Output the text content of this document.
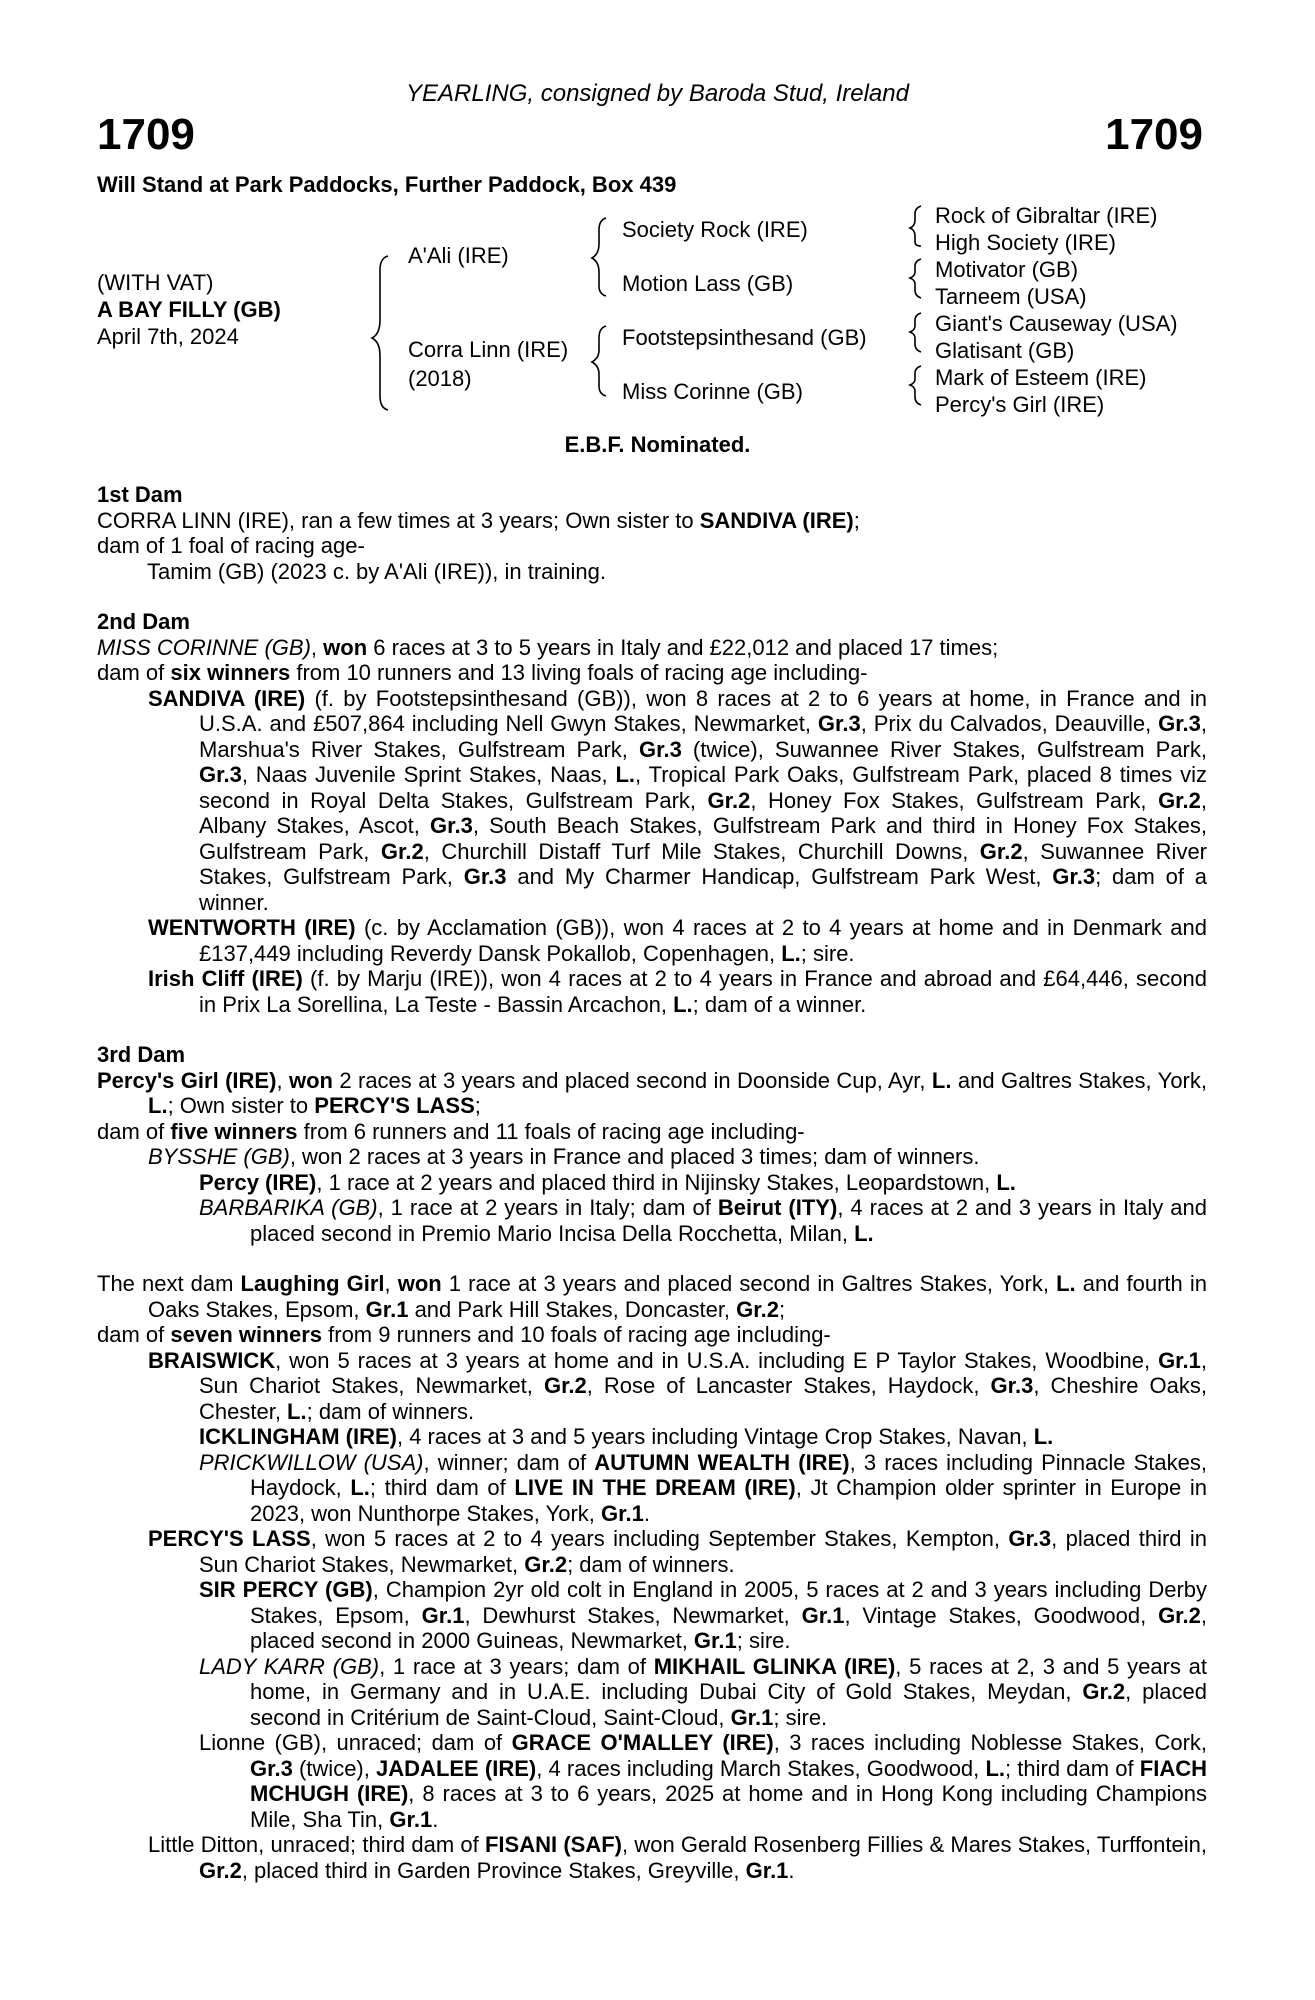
YEARLING, consigned by Baroda Stud, Ireland
1709	1709
Will Stand at Park Paddocks, Further Paddock, Box 439
(WITH VAT)
A BAY FILLY (GB)
April 7th, 2024
A'Ali (IRE)
Corra Linn (IRE)
(2018)
Society Rock (IRE)
Motion Lass (GB)
Footstepsinthesand (GB)
Miss Corinne (GB)
Rock of Gibraltar (IRE)
High Society (IRE)
Motivator (GB)
Tarneem (USA)
Giant's Causeway (USA)
Glatisant (GB)
Mark of Esteem (IRE)
Percy's Girl (IRE)
E.B.F. Nominated.

1st Dam

CORRA LINN (IRE), ran a few times at 3 years; Own sister to SANDIVA (IRE);

dam of 1 foal of racing age-

Tamim (GB) (2023 c. by A'Ali (IRE)), in training.

2nd Dam

MISS CORINNE (GB), won 6 races at 3 to 5 years in Italy and £22,012 and placed 17 times;

dam of six winners from 10 runners and 13 living foals of racing age including-

SANDIVA (IRE) (f. by Footstepsinthesand (GB)), won 8 races at 2 to 6 years at home, in France and in U.S.A. and £507,864 including Nell Gwyn Stakes, Newmarket, Gr.3, Prix du Calvados, Deauville, Gr.3, Marshua's River Stakes, Gulfstream Park, Gr.3 (twice), Suwannee River Stakes, Gulfstream Park, Gr.3, Naas Juvenile Sprint Stakes, Naas, L., Tropical Park Oaks, Gulfstream Park, placed 8 times viz second in Royal Delta Stakes, Gulfstream Park, Gr.2, Honey Fox Stakes, Gulfstream Park, Gr.2, Albany Stakes, Ascot, Gr.3, South Beach Stakes, Gulfstream Park and third in Honey Fox Stakes, Gulfstream Park, Gr.2, Churchill Distaff Turf Mile Stakes, Churchill Downs, Gr.2, Suwannee River Stakes, Gulfstream Park, Gr.3 and My Charmer Handicap, Gulfstream Park West, Gr.3; dam of a winner.

WENTWORTH (IRE) (c. by Acclamation (GB)), won 4 races at 2 to 4 years at home and in Denmark and £137,449 including Reverdy Dansk Pokallob, Copenhagen, L.; sire.

Irish Cliff (IRE) (f. by Marju (IRE)), won 4 races at 2 to 4 years in France and abroad and £64,446, second in Prix La Sorellina, La Teste - Bassin Arcachon, L.; dam of a winner.

3rd Dam

Percy's Girl (IRE), won 2 races at 3 years and placed second in Doonside Cup, Ayr, L. and Galtres Stakes, York, L.; Own sister to PERCY'S LASS;

dam of five winners from 6 runners and 11 foals of racing age including-

BYSSHE (GB), won 2 races at 3 years in France and placed 3 times; dam of winners.

Percy (IRE), 1 race at 2 years and placed third in Nijinsky Stakes, Leopardstown, L.

BARBARIKA (GB), 1 race at 2 years in Italy; dam of Beirut (ITY), 4 races at 2 and 3 years in Italy and placed second in Premio Mario Incisa Della Rocchetta, Milan, L.

The next dam Laughing Girl, won 1 race at 3 years and placed second in Galtres Stakes, York, L. and fourth in Oaks Stakes, Epsom, Gr.1 and Park Hill Stakes, Doncaster, Gr.2;

dam of seven winners from 9 runners and 10 foals of racing age including-

BRAISWICK, won 5 races at 3 years at home and in U.S.A. including E P Taylor Stakes, Woodbine, Gr.1, Sun Chariot Stakes, Newmarket, Gr.2, Rose of Lancaster Stakes, Haydock, Gr.3, Cheshire Oaks, Chester, L.; dam of winners.

ICKLINGHAM (IRE), 4 races at 3 and 5 years including Vintage Crop Stakes, Navan, L.

PRICKWILLOW (USA), winner; dam of AUTUMN WEALTH (IRE), 3 races including Pinnacle Stakes, Haydock, L.; third dam of LIVE IN THE DREAM (IRE), Jt Champion older sprinter in Europe in 2023, won Nunthorpe Stakes, York, Gr.1.

PERCY'S LASS, won 5 races at 2 to 4 years including September Stakes, Kempton, Gr.3, placed third in Sun Chariot Stakes, Newmarket, Gr.2; dam of winners.

SIR PERCY (GB), Champion 2yr old colt in England in 2005, 5 races at 2 and 3 years including Derby Stakes, Epsom, Gr.1, Dewhurst Stakes, Newmarket, Gr.1, Vintage Stakes, Goodwood, Gr.2, placed second in 2000 Guineas, Newmarket, Gr.1; sire.

LADY KARR (GB), 1 race at 3 years; dam of MIKHAIL GLINKA (IRE), 5 races at 2, 3 and 5 years at home, in Germany and in U.A.E. including Dubai City of Gold Stakes, Meydan, Gr.2, placed second in Critérium de Saint-Cloud, Saint-Cloud, Gr.1; sire.

Lionne (GB), unraced; dam of GRACE O'MALLEY (IRE), 3 races including Noblesse Stakes, Cork, Gr.3 (twice), JADALEE (IRE), 4 races including March Stakes, Goodwood, L.; third dam of FIACH MCHUGH (IRE), 8 races at 3 to 6 years, 2025 at home and in Hong Kong including Champions Mile, Sha Tin, Gr.1.

Little Ditton, unraced; third dam of FISANI (SAF), won Gerald Rosenberg Fillies & Mares Stakes, Turffontein, Gr.2, placed third in Garden Province Stakes, Greyville, Gr.1.
